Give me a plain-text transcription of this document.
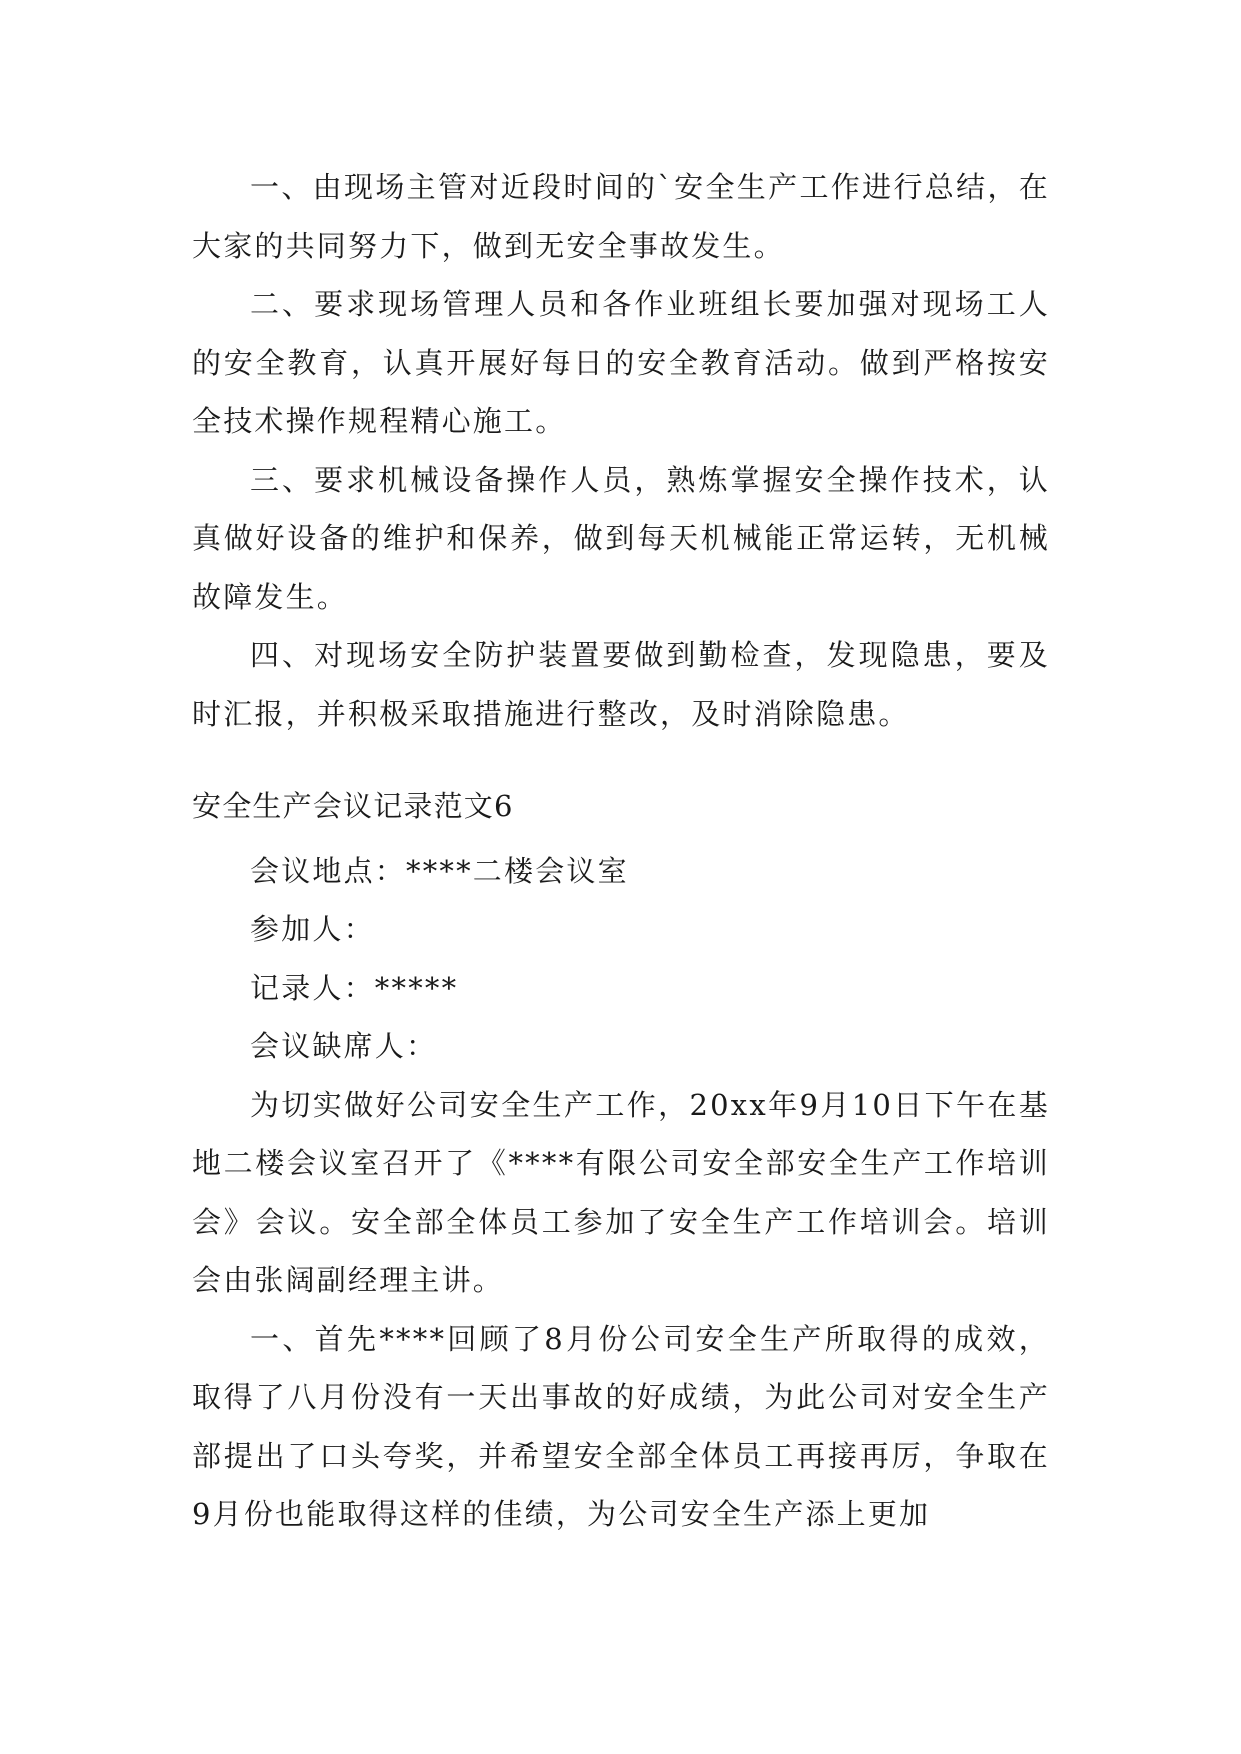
一、由现场主管对近段时间的`安全生产工作进行总结，在大家的共同努力下，做到无安全事故发生。

二、要求现场管理人员和各作业班组长要加强对现场工人的安全教育，认真开展好每日的安全教育活动。做到严格按安全技术操作规程精心施工。

三、要求机械设备操作人员，熟炼掌握安全操作技术，认真做好设备的维护和保养，做到每天机械能正常运转，无机械故障发生。

四、对现场安全防护装置要做到勤检查，发现隐患，要及时汇报，并积极采取措施进行整改，及时消除隐患。

安全生产会议记录范文6

会议地点：****二楼会议室

参加人：

记录人：*****

会议缺席人：

为切实做好公司安全生产工作，20xx年9月10日下午在基地二楼会议室召开了《****有限公司安全部安全生产工作培训会》会议。安全部全体员工参加了安全生产工作培训会。培训会由张阔副经理主讲。

一、首先****回顾了8月份公司安全生产所取得的成效，取得了八月份没有一天出事故的好成绩，为此公司对安全生产部提出了口头夸奖，并希望安全部全体员工再接再厉，争取在9月份也能取得这样的佳绩，为公司安全生产添上更加
